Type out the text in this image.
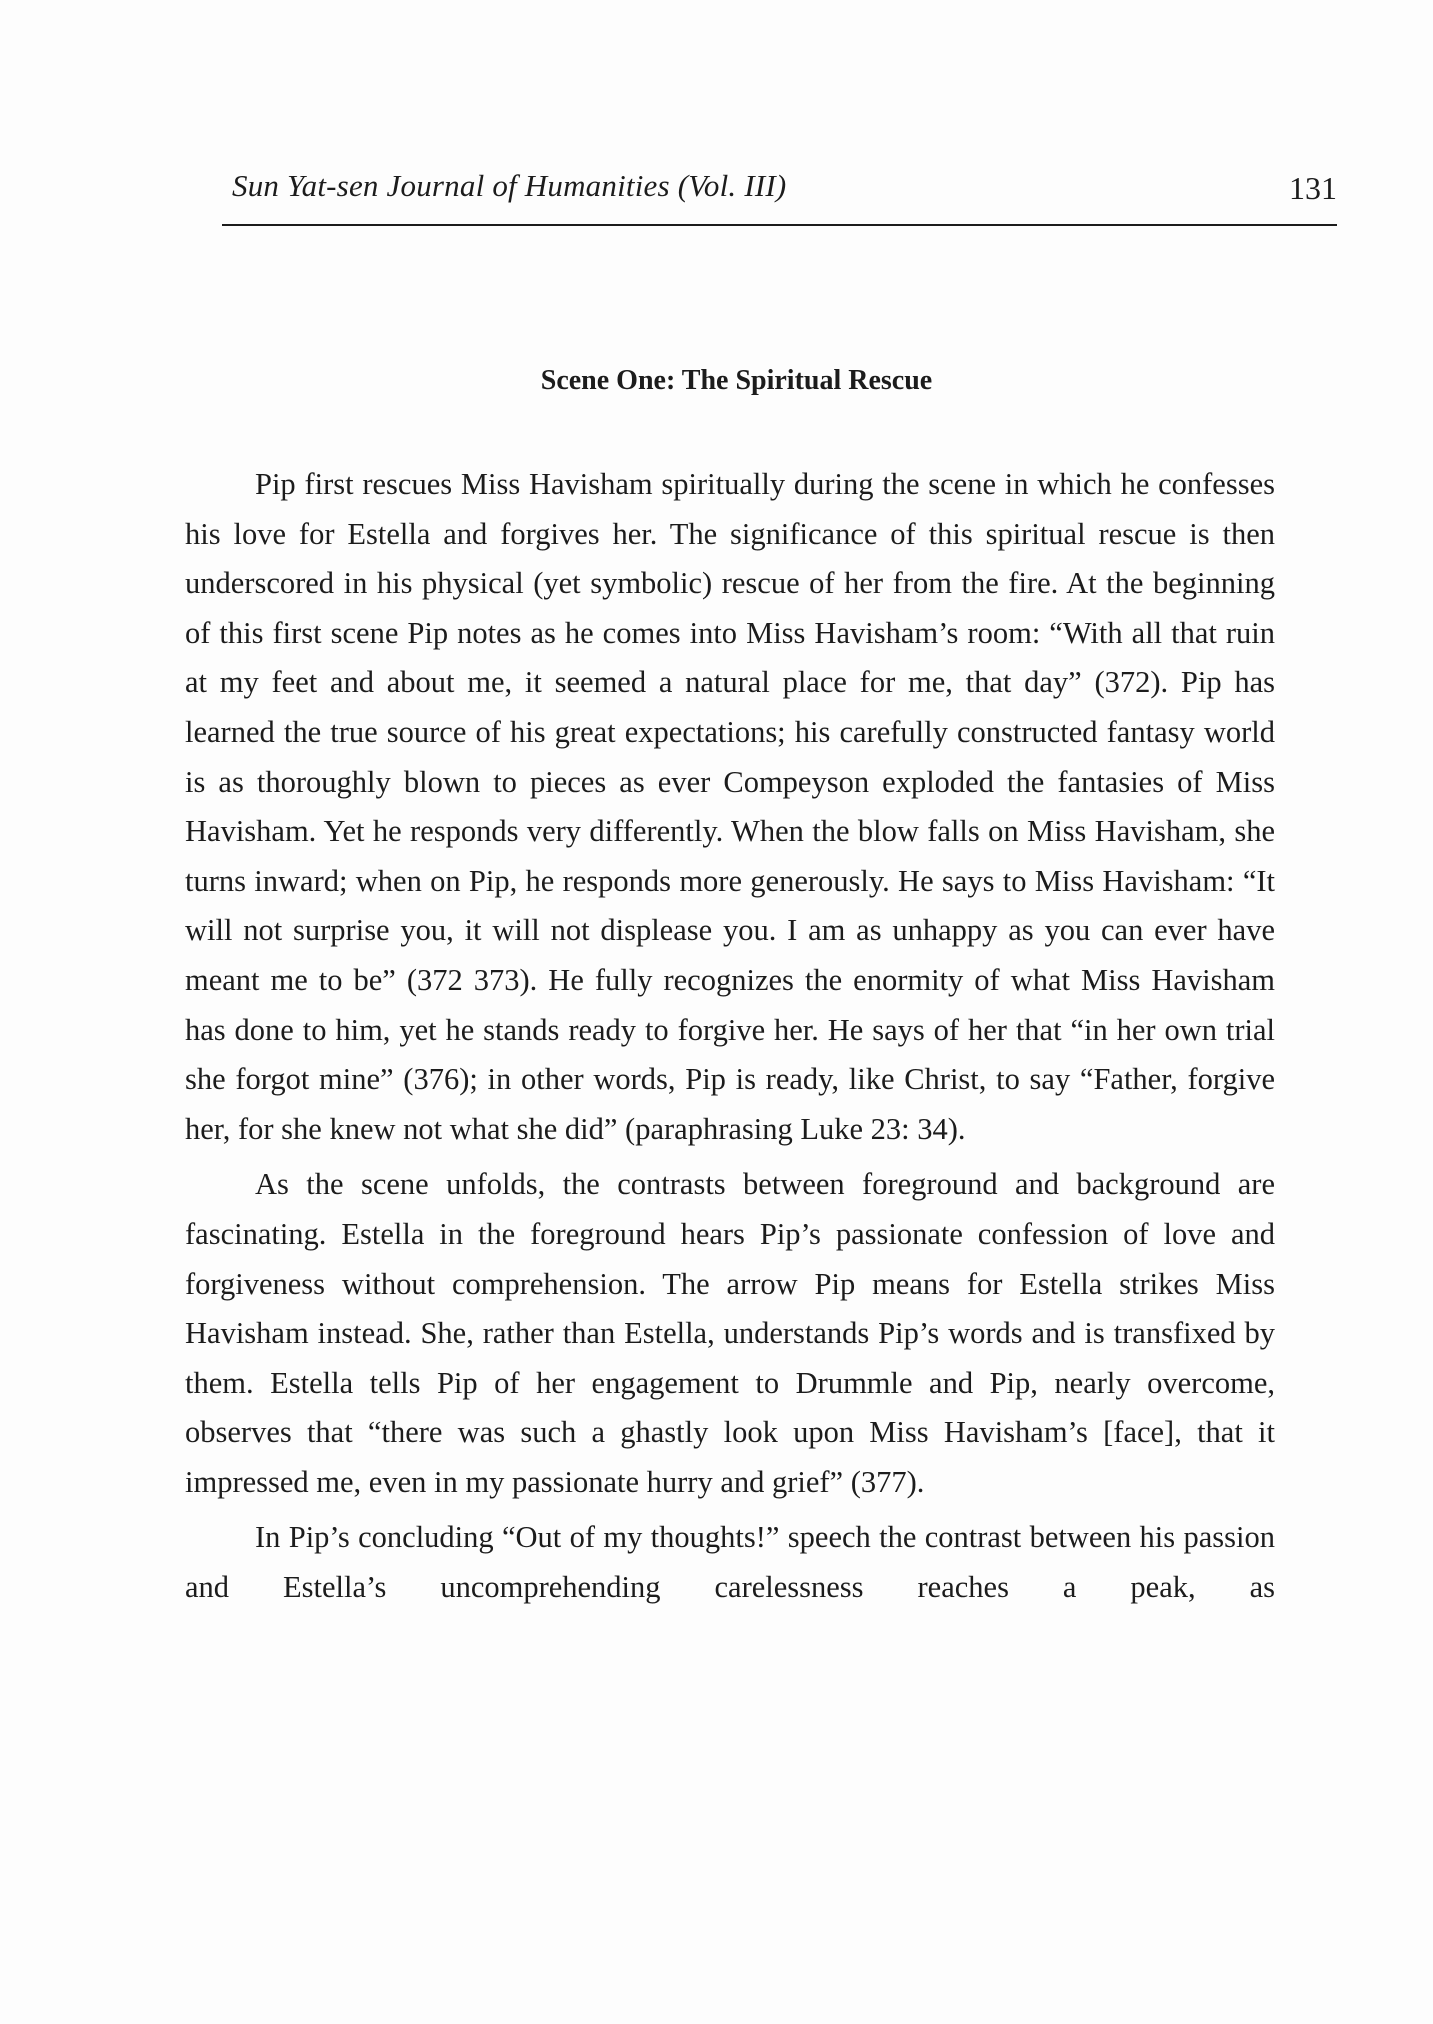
Sun Yat-sen Journal of Humanities (Vol. III)	131
Scene One: The Spiritual Rescue

Pip first rescues Miss Havisham spiritually during the scene in which he confesses his love for Estella and forgives her. The significance of this spiritual rescue is then underscored in his physical (yet symbolic) rescue of her from the fire. At the beginning of this first scene Pip notes as he comes into Miss Havisham’s room: “With all that ruin at my feet and about me, it seemed a natural place for me, that day” (372). Pip has learned the true source of his great expectations; his carefully constructed fantasy world is as thoroughly blown to pieces as ever Compeyson exploded the fantasies of Miss Havisham. Yet he responds very differently. When the blow falls on Miss Havisham, she turns inward; when on Pip, he responds more generously. He says to Miss Havisham: “It will not surprise you, it will not displease you. I am as unhappy as you can ever have meant me to be” (372 373). He fully recognizes the enormity of what Miss Havisham has done to him, yet he stands ready to forgive her. He says of her that “in her own trial she forgot mine” (376); in other words, Pip is ready, like Christ, to say “Father, forgive her, for she knew not what she did” (paraphrasing Luke 23: 34).

As the scene unfolds, the contrasts between foreground and background are fascinating. Estella in the foreground hears Pip’s passionate confession of love and forgiveness without comprehension. The arrow Pip means for Estella strikes Miss Havisham instead. She, rather than Estella, understands Pip’s words and is transfixed by them. Estella tells Pip of her engagement to Drummle and Pip, nearly overcome, observes that “there was such a ghastly look upon Miss Havisham’s [face], that it impressed me, even in my passionate hurry and grief” (377).

In Pip’s concluding “Out of my thoughts!” speech the contrast between his passion and Estella’s uncomprehending carelessness reaches a peak, as
